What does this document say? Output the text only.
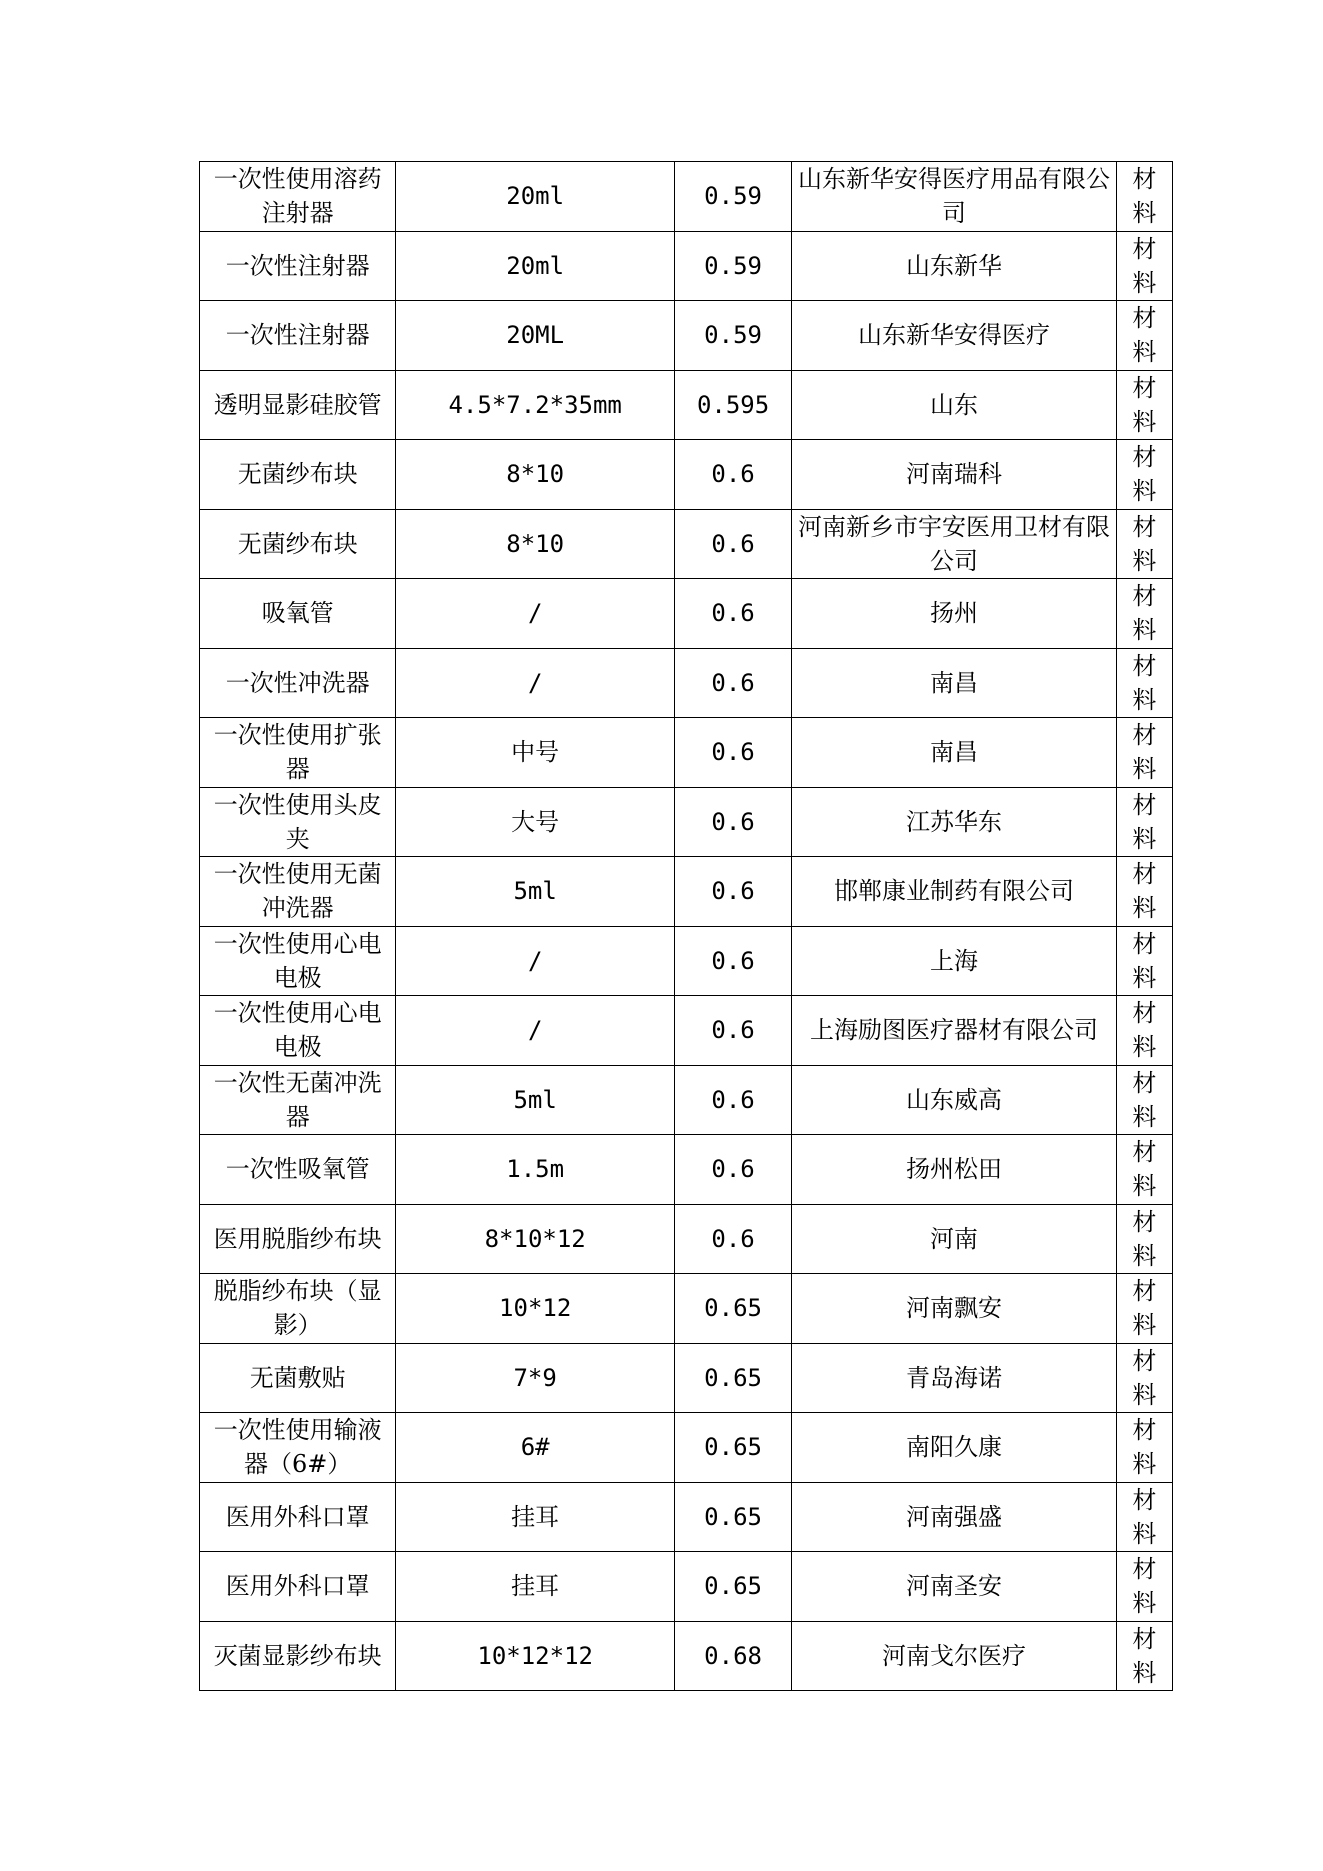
一次性使用溶药注射器	20ml	0.59	山东新华安得医疗用品有限公司	材料
一次性注射器	20ml	0.59	山东新华	材料
一次性注射器	20ML	0.59	山东新华安得医疗	材料
透明显影硅胶管	4.5*7.2*35mm	0.595	山东	材料
无菌纱布块	8*10	0.6	河南瑞科	材料
无菌纱布块	8*10	0.6	河南新乡市宇安医用卫材有限公司	材料
吸氧管	/	0.6	扬州	材料
一次性冲洗器	/	0.6	南昌	材料
一次性使用扩张器	中号	0.6	南昌	材料
一次性使用头皮夹	大号	0.6	江苏华东	材料
一次性使用无菌冲洗器	5ml	0.6	邯郸康业制药有限公司	材料
一次性使用心电电极	/	0.6	上海	材料
一次性使用心电电极	/	0.6	上海励图医疗器材有限公司	材料
一次性无菌冲洗器	5ml	0.6	山东威高	材料
一次性吸氧管	1.5m	0.6	扬州松田	材料
医用脱脂纱布块	8*10*12	0.6	河南	材料
脱脂纱布块（显影）	10*12	0.65	河南飘安	材料
无菌敷贴	7*9	0.65	青岛海诺	材料
一次性使用输液器（6#）	6#	0.65	南阳久康	材料
医用外科口罩	挂耳	0.65	河南强盛	材料
医用外科口罩	挂耳	0.65	河南圣安	材料
灭菌显影纱布块	10*12*12	0.68	河南戈尔医疗	材料
